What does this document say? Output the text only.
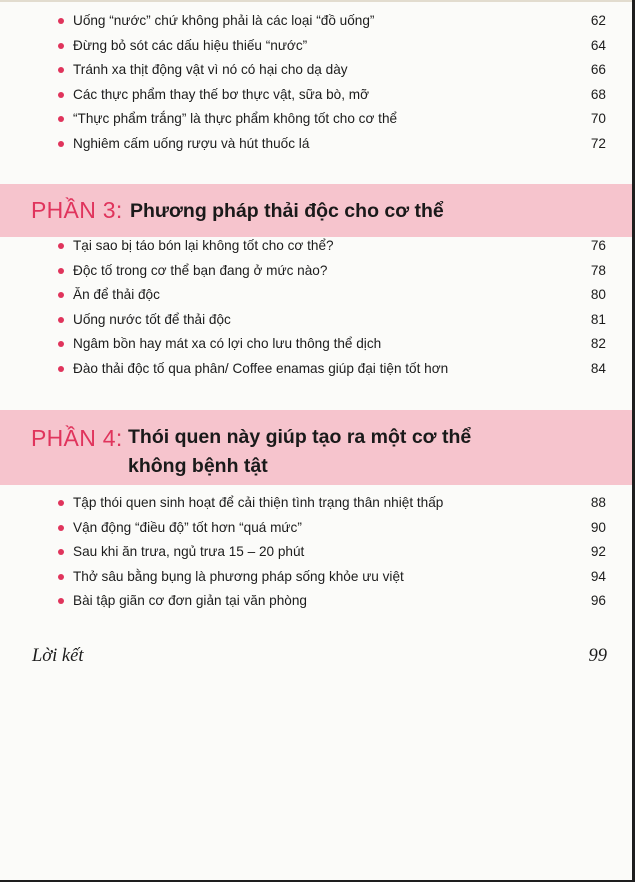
Uống “nước” chứ không phải là các loại “đồ uống”	62
Đừng bỏ sót các dấu hiệu thiếu “nước”	64
Tránh xa thịt động vật vì nó có hại cho dạ dày	66
Các thực phẩm thay thế bơ thực vật, sữa bò, mỡ	68
“Thực phẩm trắng” là thực phẩm không tốt cho cơ thể	70
Nghiêm cấm uống rượu và hút thuốc lá	72
PHẦN 3: Phương pháp thải độc cho cơ thể
Tại sao bị táo bón lại không tốt cho cơ thể?	76
Độc tố trong cơ thể bạn đang ở mức nào?	78
Ăn để thải độc	80
Uống nước tốt để thải độc	81
Ngâm bồn hay mát xa có lợi cho lưu thông thể dịch	82
Đào thải độc tố qua phân/ Coffee enamas giúp đại tiện tốt hơn	84
PHẦN 4: Thói quen này giúp tạo ra một cơ thể
không bệnh tật
Tập thói quen sinh hoạt để cải thiện tình trạng thân nhiệt thấp	88
Vận động “điều độ” tốt hơn “quá mức”	90
Sau khi ăn trưa, ngủ trưa 15 – 20 phút	92
Thở sâu bằng bụng là phương pháp sống khỏe ưu việt	94
Bài tập giãn cơ đơn giản tại văn phòng	96
Lời kết	99
